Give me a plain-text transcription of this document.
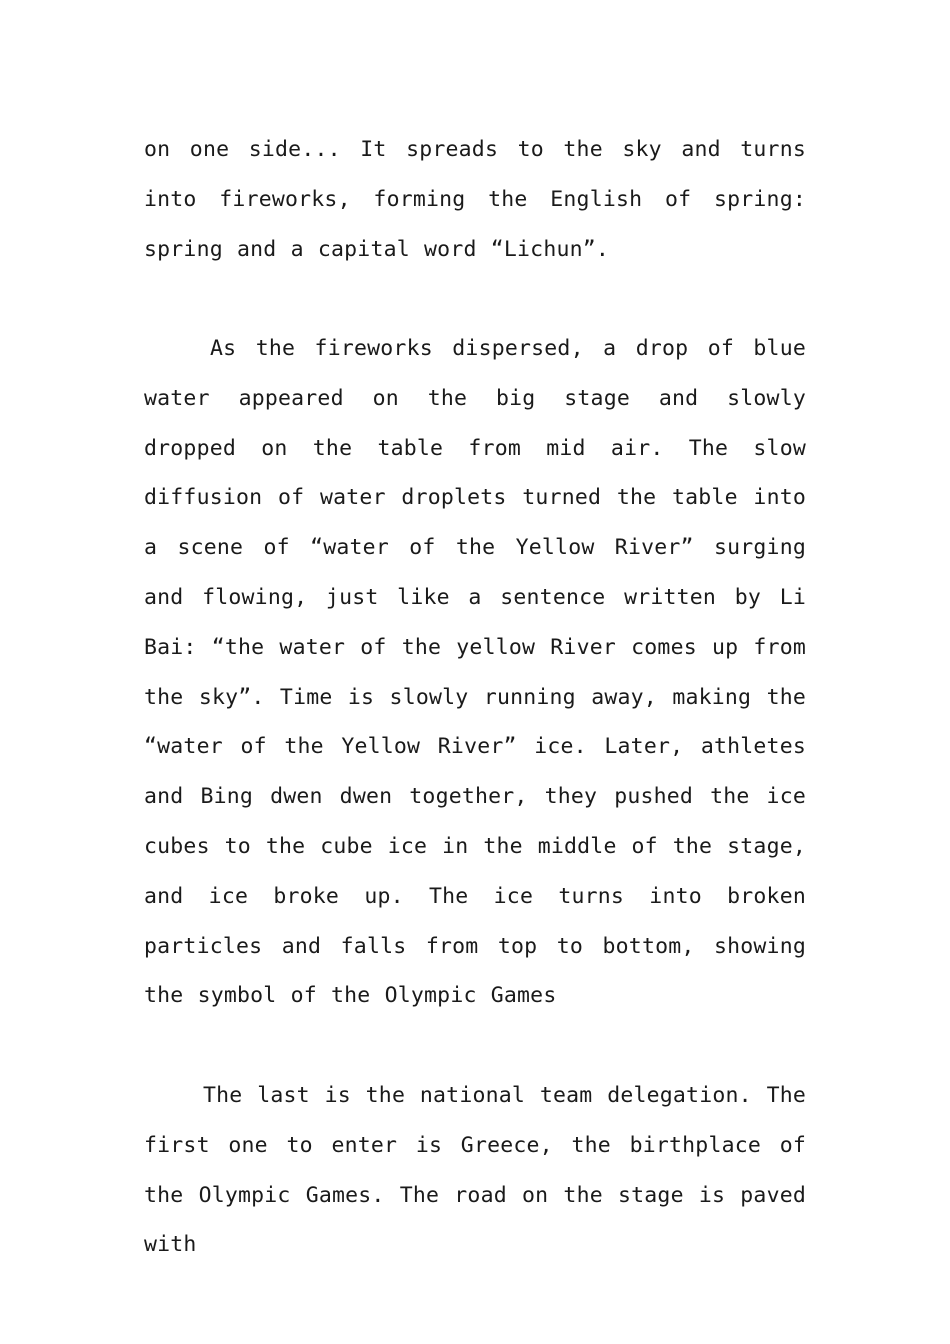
on one side... It spreads to the sky and turns into fireworks, forming the English of spring: spring and a capital word “Lichun”.

As the fireworks dispersed, a drop of blue water appeared on the big stage and slowly dropped on the table from mid air. The slow diffusion of water droplets turned the table into a scene of “water of the Yellow River” surging and flowing, just like a sentence written by Li Bai: “the water of the yellow River comes up from the sky”. Time is slowly running away, making the “water of the Yellow River” ice. Later, athletes and Bing dwen dwen together, they pushed the ice cubes to the cube ice in the middle of the stage, and ice broke up. The ice turns into broken particles and falls from top to bottom, showing the symbol of the Olympic Games

The last is the national team delegation. The first one to enter is Greece, the birthplace of the Olympic Games. The road on the stage is paved with
